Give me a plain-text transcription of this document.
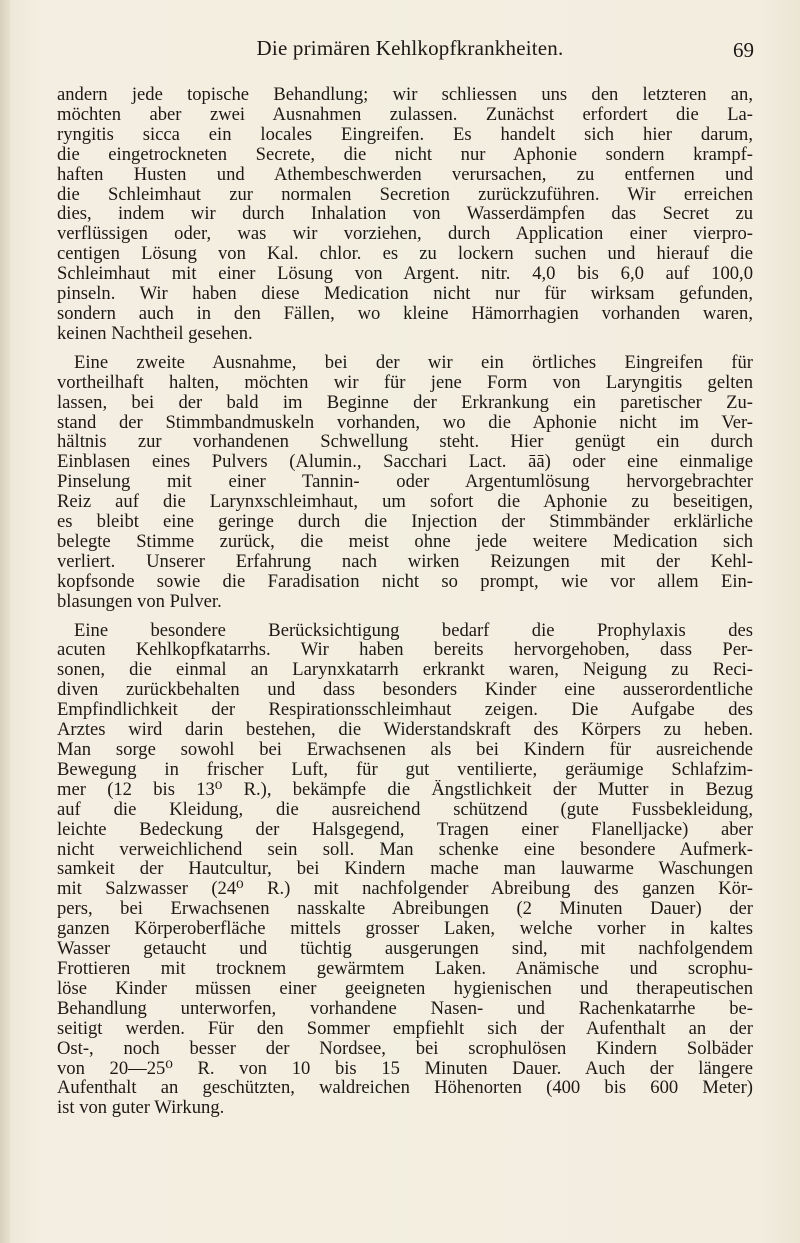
Die primären Kehlkopfkrankheiten.	69
andern jede topische Behandlung; wir schliessen uns den letzteren an,
möchten aber zwei Ausnahmen zulassen. Zunächst erfordert die La-
ryngitis sicca ein locales Eingreifen. Es handelt sich hier darum,
die eingetrockneten Secrete, die nicht nur Aphonie sondern krampf-
haften Husten und Athembeschwerden verursachen, zu entfernen und
die Schleimhaut zur normalen Secretion zurückzuführen. Wir erreichen
dies, indem wir durch Inhalation von Wasserdämpfen das Secret zu
verflüssigen oder, was wir vorziehen, durch Application einer vierpro-
centigen Lösung von Kal. chlor. es zu lockern suchen und hierauf die
Schleimhaut mit einer Lösung von Argent. nitr. 4,0 bis 6,0 auf 100,0
pinseln. Wir haben diese Medication nicht nur für wirksam gefunden,
sondern auch in den Fällen, wo kleine Hämorrhagien vorhanden waren,
keinen Nachtheil gesehen.
Eine zweite Ausnahme, bei der wir ein örtliches Eingreifen für
vortheilhaft halten, möchten wir für jene Form von Laryngitis gelten
lassen, bei der bald im Beginne der Erkrankung ein paretischer Zu-
stand der Stimmbandmuskeln vorhanden, wo die Aphonie nicht im Ver-
hältnis zur vorhandenen Schwellung steht. Hier genügt ein durch
Einblasen eines Pulvers (Alumin., Sacchari Lact. āā) oder eine einmalige
Pinselung mit einer Tannin- oder Argentumlösung hervorgebrachter
Reiz auf die Larynxschleimhaut, um sofort die Aphonie zu beseitigen,
es bleibt eine geringe durch die Injection der Stimmbänder erklärliche
belegte Stimme zurück, die meist ohne jede weitere Medication sich
verliert. Unserer Erfahrung nach wirken Reizungen mit der Kehl-
kopfsonde sowie die Faradisation nicht so prompt, wie vor allem Ein-
blasungen von Pulver.
Eine besondere Berücksichtigung bedarf die Prophylaxis des
acuten Kehlkopfkatarrhs. Wir haben bereits hervorgehoben, dass Per-
sonen, die einmal an Larynxkatarrh erkrankt waren, Neigung zu Reci-
diven zurückbehalten und dass besonders Kinder eine ausserordentliche
Empfindlichkeit der Respirationsschleimhaut zeigen. Die Aufgabe des
Arztes wird darin bestehen, die Widerstandskraft des Körpers zu heben.
Man sorge sowohl bei Erwachsenen als bei Kindern für ausreichende
Bewegung in frischer Luft, für gut ventilierte, geräumige Schlafzim-
mer (12 bis 13⁰ R.), bekämpfe die Ängstlichkeit der Mutter in Bezug
auf die Kleidung, die ausreichend schützend (gute Fussbekleidung,
leichte Bedeckung der Halsgegend, Tragen einer Flanelljacke) aber
nicht verweichlichend sein soll. Man schenke eine besondere Aufmerk-
samkeit der Hautcultur, bei Kindern mache man lauwarme Waschungen
mit Salzwasser (24⁰ R.) mit nachfolgender Abreibung des ganzen Kör-
pers, bei Erwachsenen nasskalte Abreibungen (2 Minuten Dauer) der
ganzen Körperoberfläche mittels grosser Laken, welche vorher in kaltes
Wasser getaucht und tüchtig ausgerungen sind, mit nachfolgendem
Frottieren mit trocknem gewärmtem Laken. Anämische und scrophu-
löse Kinder müssen einer geeigneten hygienischen und therapeutischen
Behandlung unterworfen, vorhandene Nasen- und Rachenkatarrhe be-
seitigt werden. Für den Sommer empfiehlt sich der Aufenthalt an der
Ost-, noch besser der Nordsee, bei scrophulösen Kindern Solbäder
von 20—25⁰ R. von 10 bis 15 Minuten Dauer. Auch der längere
Aufenthalt an geschützten, waldreichen Höhenorten (400 bis 600 Meter)
ist von guter Wirkung.
